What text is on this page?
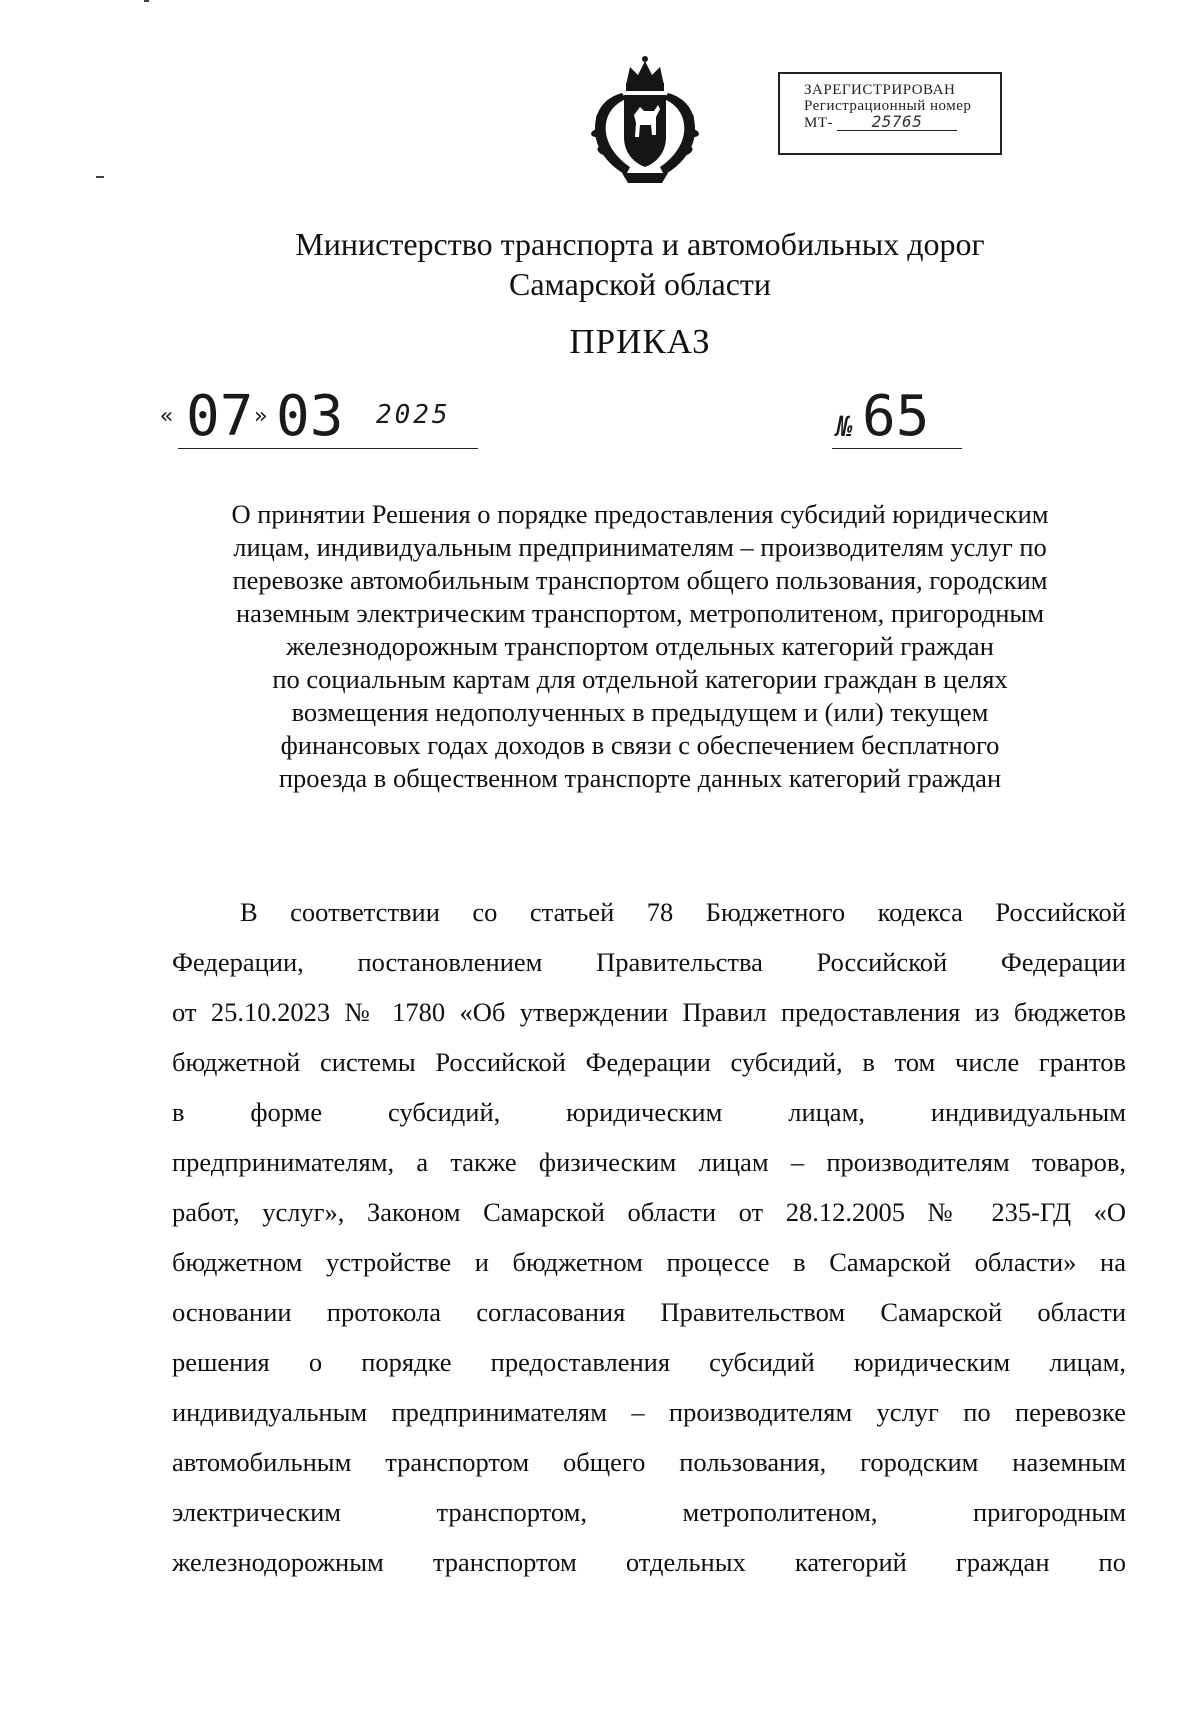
ЗАРЕГИСТРИРОВАН
Регистрационный номер
МТ- 25765
Министерство транспорта и автомобильных дорог
Самарской области
ПРИКАЗ
« 07 » 03 2025	№ 65
О принятии Решения о порядке предоставления субсидий юридическим
лицам, индивидуальным предпринимателям – производителям услуг по
перевозке автомобильным транспортом общего пользования, городским
наземным электрическим транспортом, метрополитеном, пригородным
железнодорожным транспортом отдельных категорий граждан
по социальным картам для отдельной категории граждан в целях
возмещения недополученных в предыдущем и (или) текущем
финансовых годах доходов в связи с обеспечением бесплатного
проезда в общественном транспорте данных категорий граждан
В соответствии со статьей 78 Бюджетного кодекса Российской
Федерации, постановлением Правительства Российской Федерации
от 25.10.2023 № 1780 «Об утверждении Правил предоставления из бюджетов
бюджетной системы Российской Федерации субсидий, в том числе грантов
в форме субсидий, юридическим лицам, индивидуальным
предпринимателям, а также физическим лицам – производителям товаров,
работ, услуг», Законом Самарской области от 28.12.2005 № 235-ГД «О
бюджетном устройстве и бюджетном процессе в Самарской области» на
основании протокола согласования Правительством Самарской области
решения о порядке предоставления субсидий юридическим лицам,
индивидуальным предпринимателям – производителям услуг по перевозке
автомобильным транспортом общего пользования, городским наземным
электрическим транспортом, метрополитеном, пригородным
железнодорожным транспортом отдельных категорий граждан по
